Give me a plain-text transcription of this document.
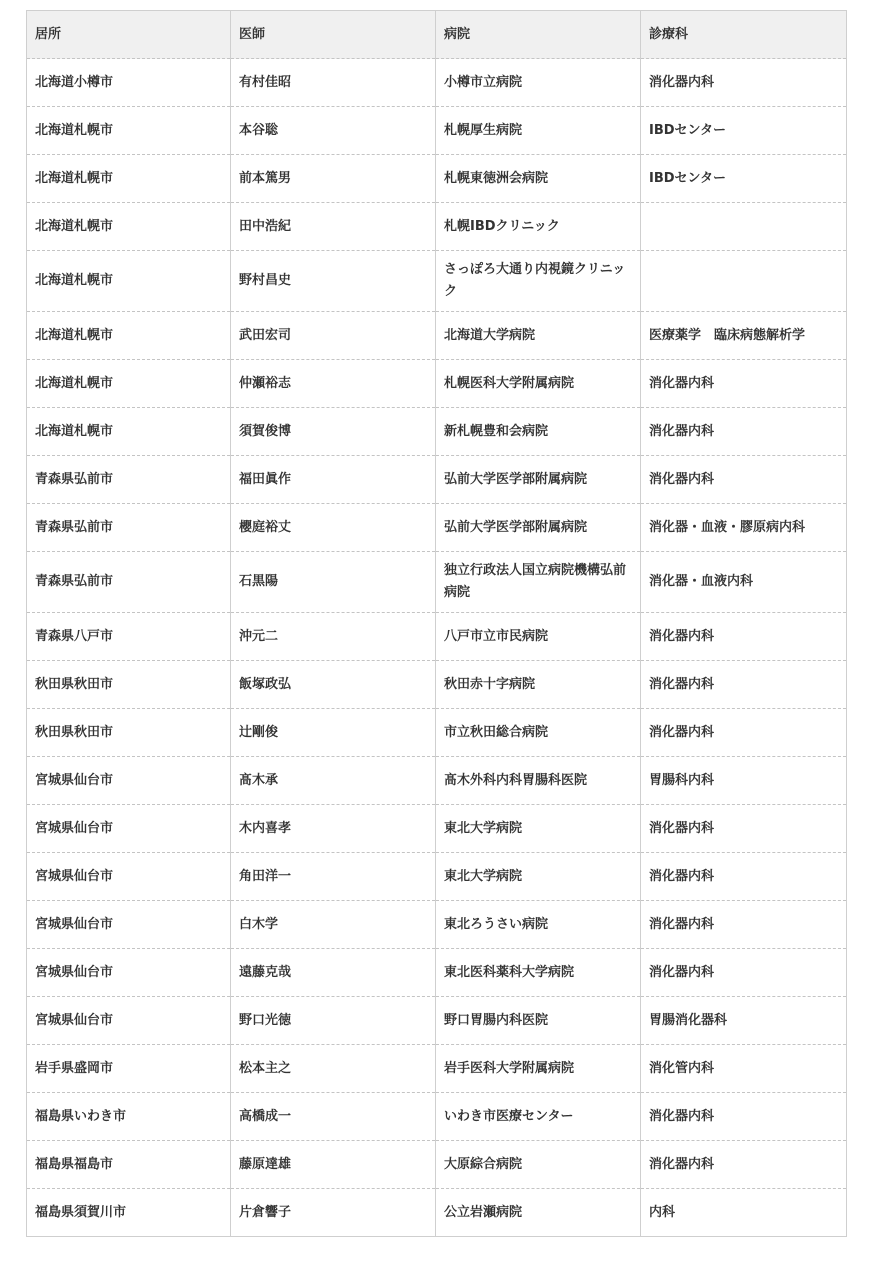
居所	医師	病院	診療科
北海道小樽市	有村佳昭	小樽市立病院	消化器内科
北海道札幌市	本谷聡	札幌厚生病院	IBDセンター
北海道札幌市	前本篤男	札幌東徳洲会病院	IBDセンター
北海道札幌市	田中浩紀	札幌IBDクリニック	
北海道札幌市	野村昌史	さっぽろ大通り内視鏡クリニック	
北海道札幌市	武田宏司	北海道大学病院	医療薬学　臨床病態解析学
北海道札幌市	仲瀬裕志	札幌医科大学附属病院	消化器内科
北海道札幌市	須賀俊博	新札幌豊和会病院	消化器内科
青森県弘前市	福田眞作	弘前大学医学部附属病院	消化器内科
青森県弘前市	櫻庭裕丈	弘前大学医学部附属病院	消化器・血液・膠原病内科
青森県弘前市	石黒陽	独立行政法人国立病院機構弘前病院	消化器・血液内科
青森県八戸市	沖元二	八戸市立市民病院	消化器内科
秋田県秋田市	飯塚政弘	秋田赤十字病院	消化器内科
秋田県秋田市	辻剛俊	市立秋田総合病院	消化器内科
宮城県仙台市	髙木承	髙木外科内科胃腸科医院	胃腸科内科
宮城県仙台市	木内喜孝	東北大学病院	消化器内科
宮城県仙台市	角田洋一	東北大学病院	消化器内科
宮城県仙台市	白木学	東北ろうさい病院	消化器内科
宮城県仙台市	遠藤克哉	東北医科薬科大学病院	消化器内科
宮城県仙台市	野口光徳	野口胃腸内科医院	胃腸消化器科
岩手県盛岡市	松本主之	岩手医科大学附属病院	消化管内科
福島県いわき市	高橋成一	いわき市医療センター	消化器内科
福島県福島市	藤原達雄	大原綜合病院	消化器内科
福島県須賀川市	片倉響子	公立岩瀬病院	内科
